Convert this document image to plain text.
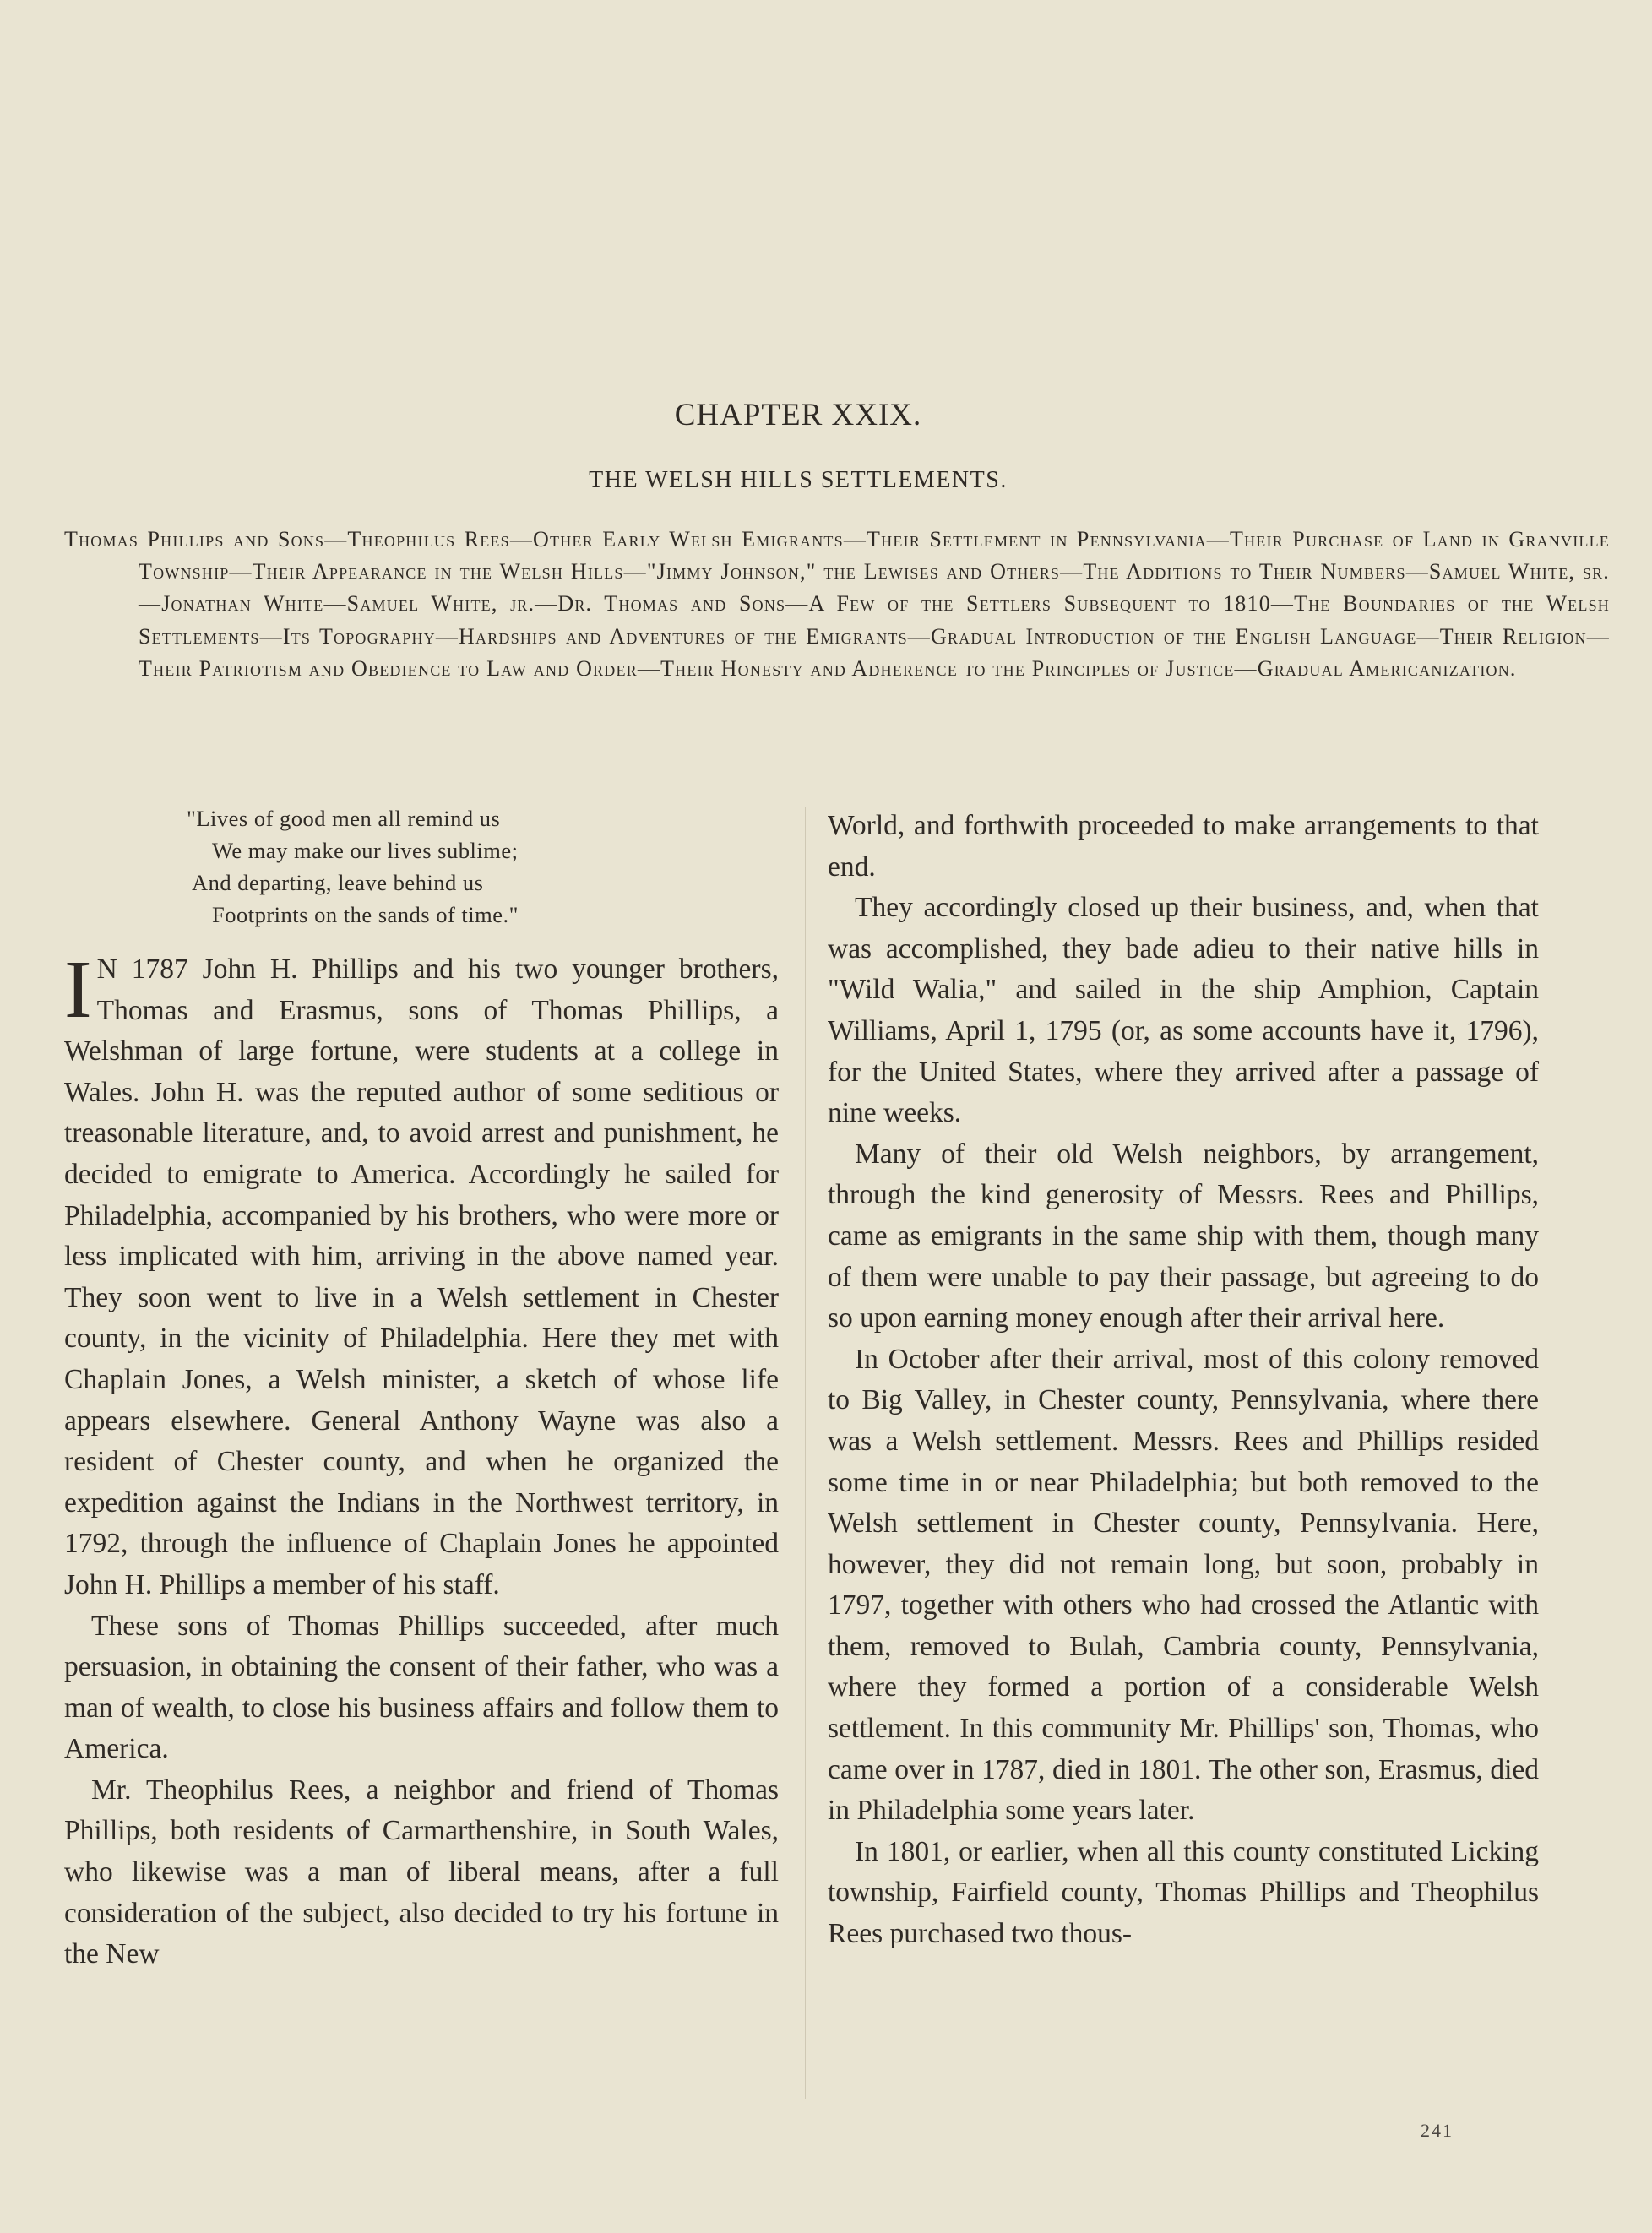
CHAPTER XXIX.
THE WELSH HILLS SETTLEMENTS.
Thomas Phillips and Sons—Theophilus Rees—Other Early Welsh Emigrants—Their Settlement in Pennsylvania—Their Purchase of Land in Granville Township—Their Appearance in the Welsh Hills—"Jimmy Johnson," the Lewises and Others—The Additions to Their Numbers—Samuel White, sr.—Jonathan White—Samuel White, jr.—Dr. Thomas and Sons—A Few of the Settlers Subsequent to 1810—The Boundaries of the Welsh Settlements—Its Topography—Hardships and Adventures of the Emigrants—Gradual Introduction of the English Language—Their Religion—Their Patriotism and Obedience to Law and Order—Their Honesty and Adherence to the Principles of Justice—Gradual Americanization.
"Lives of good men all remind us
We may make our lives sublime;
And departing, leave behind us
Footprints on the sands of time."

I N 1787 John H. Phillips and his two younger brothers, Thomas and Erasmus, sons of Thomas Phillips, a Welshman of large fortune, were students at a college in Wales. John H. was the reputed author of some seditious or treasonable literature, and, to avoid arrest and punishment, he decided to emigrate to America. Accordingly he sailed for Philadelphia, accompanied by his brothers, who were more or less implicated with him, arriving in the above named year. They soon went to live in a Welsh settlement in Chester county, in the vicinity of Philadelphia. Here they met with Chaplain Jones, a Welsh minister, a sketch of whose life appears elsewhere. General Anthony Wayne was also a resident of Chester county, and when he organized the expedition against the Indians in the Northwest territory, in 1792, through the influence of Chaplain Jones he appointed John H. Phillips a member of his staff.

These sons of Thomas Phillips succeeded, after much persuasion, in obtaining the consent of their father, who was a man of wealth, to close his business affairs and follow them to America.

Mr. Theophilus Rees, a neighbor and friend of Thomas Phillips, both residents of Carmarthenshire, in South Wales, who likewise was a man of liberal means, after a full consideration of the subject, also decided to try his fortune in the New

World, and forthwith proceeded to make arrangements to that end.

They accordingly closed up their business, and, when that was accomplished, they bade adieu to their native hills in "Wild Walia," and sailed in the ship Amphion, Captain Williams, April 1, 1795 (or, as some accounts have it, 1796), for the United States, where they arrived after a passage of nine weeks.

Many of their old Welsh neighbors, by arrangement, through the kind generosity of Messrs. Rees and Phillips, came as emigrants in the same ship with them, though many of them were unable to pay their passage, but agreeing to do so upon earning money enough after their arrival here.

In October after their arrival, most of this colony removed to Big Valley, in Chester county, Pennsylvania, where there was a Welsh settlement. Messrs. Rees and Phillips resided some time in or near Philadelphia; but both removed to the Welsh settlement in Chester county, Pennsylvania. Here, however, they did not remain long, but soon, probably in 1797, together with others who had crossed the Atlantic with them, removed to Bulah, Cambria county, Pennsylvania, where they formed a portion of a considerable Welsh settlement. In this community Mr. Phillips' son, Thomas, who came over in 1787, died in 1801. The other son, Erasmus, died in Philadelphia some years later.

In 1801, or earlier, when all this county constituted Licking township, Fairfield county, Thomas Phillips and Theophilus Rees purchased two thous-

241
